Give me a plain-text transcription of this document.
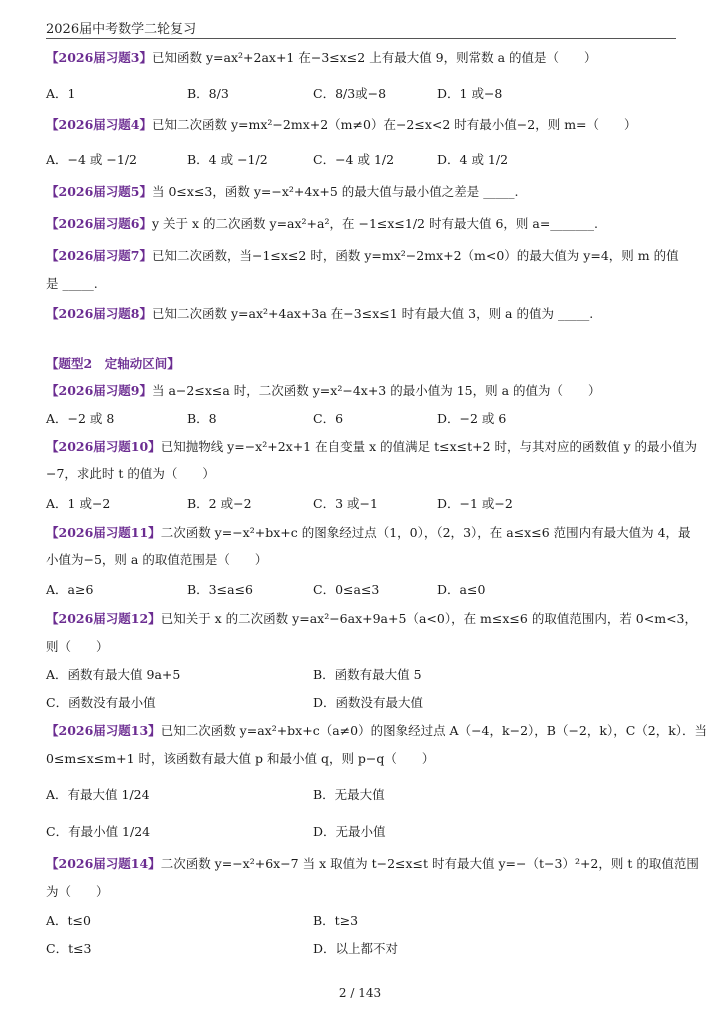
2026届中考数学二轮复习
【2026届习题3】已知函数 y=ax²+2ax+1 在−3≤x≤2 上有最大值 9，则常数 a 的值是（　　）
A．1	B．8/3	C．8/3或−8	D．1 或−8
【2026届习题4】已知二次函数 y=mx²−2mx+2（m≠0）在−2≤x<2 时有最小值−2，则 m=（　　）
A．−4 或 −1/2	B．4 或 −1/2	C．−4 或 1/2	D．4 或 1/2
【2026届习题5】当 0≤x≤3，函数 y=−x²+4x+5 的最大值与最小值之差是 _____.
【2026届习题6】y 关于 x 的二次函数 y=ax²+a²，在 −1≤x≤1/2 时有最大值 6，则 a=_______.
【2026届习题7】已知二次函数，当−1≤x≤2 时，函数 y=mx²−2mx+2（m<0）的最大值为 y=4，则 m 的值
是 _____.
【2026届习题8】已知二次函数 y=ax²+4ax+3a 在−3≤x≤1 时有最大值 3，则 a 的值为 _____.
【题型2　定轴动区间】
【2026届习题9】当 a−2≤x≤a 时，二次函数 y=x²−4x+3 的最小值为 15，则 a 的值为（　　）
A．−2 或 8	B．8	C．6	D．−2 或 6
【2026届习题10】已知抛物线 y=−x²+2x+1 在自变量 x 的值满足 t≤x≤t+2 时，与其对应的函数值 y 的最小值为
−7，求此时 t 的值为（　　）
A．1 或−2	B．2 或−2	C．3 或−1	D．−1 或−2
【2026届习题11】二次函数 y=−x²+bx+c 的图象经过点（1，0），（2，3），在 a≤x≤6 范围内有最大值为 4，最
小值为−5，则 a 的取值范围是（　　）
A．a≥6	B．3≤a≤6	C．0≤a≤3	D．a≤0
【2026届习题12】已知关于 x 的二次函数 y=ax²−6ax+9a+5（a<0），在 m≤x≤6 的取值范围内，若 0<m<3，
则（　　）
A．函数有最大值 9a+5	B．函数有最大值 5
C．函数没有最小值	D．函数没有最大值
【2026届习题13】已知二次函数 y=ax²+bx+c（a≠0）的图象经过点 A（−4，k−2），B（−2，k），C（2，k）．当
0≤m≤x≤m+1 时，该函数有最大值 p 和最小值 q，则 p−q（　　）
A．有最大值 1/24	B．无最大值
C．有最小值 1/24	D．无最小值
【2026届习题14】二次函数 y=−x²+6x−7 当 x 取值为 t−2≤x≤t 时有最大值 y=−（t−3）²+2，则 t 的取值范围
为（　　）
A．t≤0	B．t≥3
C．t≤3	D．以上都不对
2 / 143
